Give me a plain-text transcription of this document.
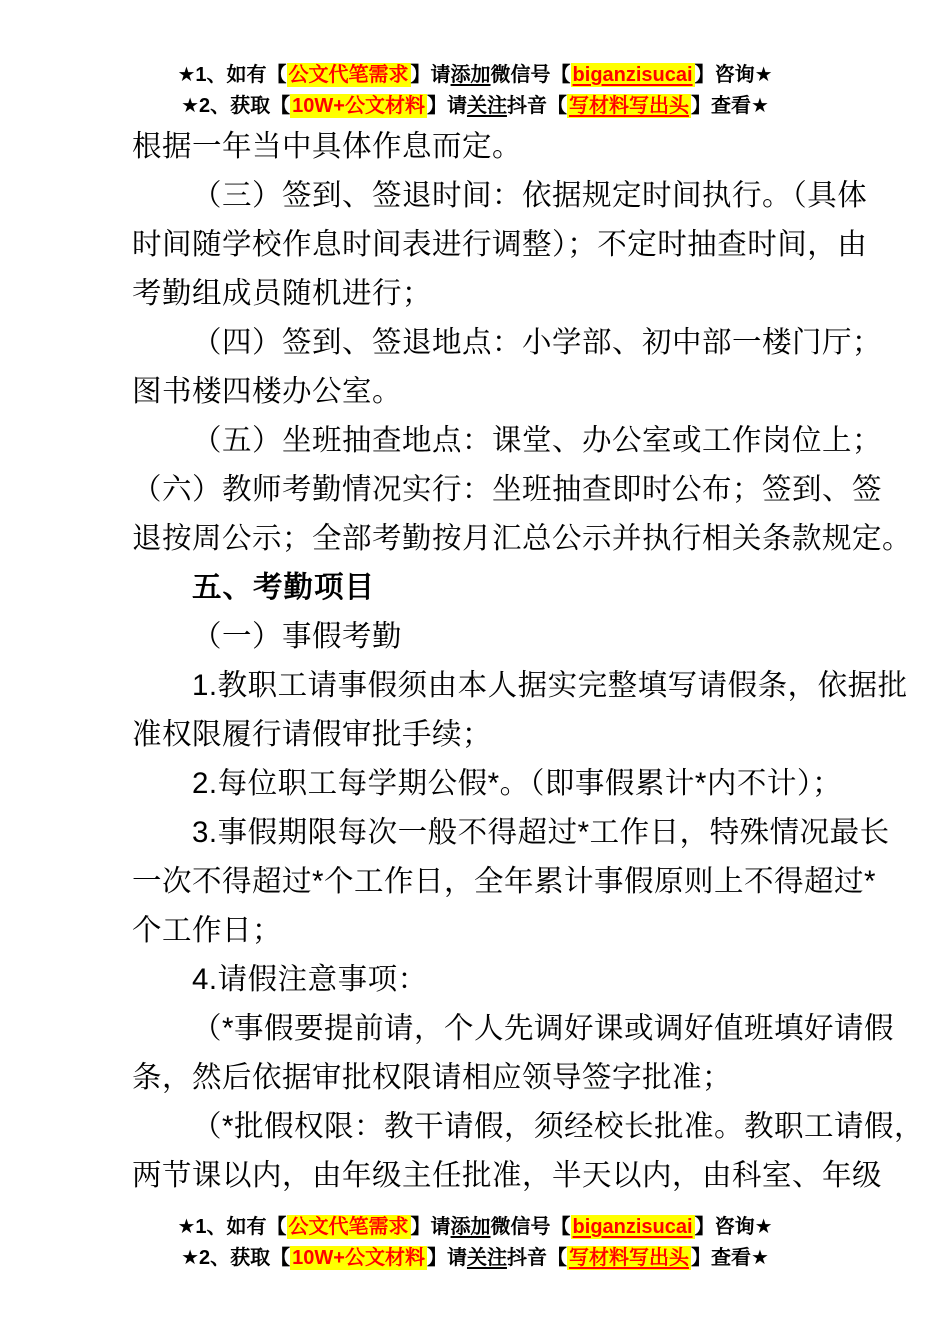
★1、如有【 公文代笔需求 】请添加微信号【 biganzisucai 】咨询★
★2、获取【 10W+公文材料 】请关注抖音【 写材料写出头 】查看★
根据一年当中具体作息而定。
（三）签到、签退时间：依据规定时间执行。（具体
时间随学校作息时间表进行调整）；不定时抽查时间，由
考勤组成员随机进行；
（四）签到、签退地点：小学部、初中部一楼门厅；
图书楼四楼办公室。
（五）坐班抽查地点：课堂、办公室或工作岗位上；
（六）教师考勤情况实行：坐班抽查即时公布；签到、签
退按周公示；全部考勤按月汇总公示并执行相关条款规定。
五、考勤项目
（一）事假考勤
1.教职工请事假须由本人据实完整填写请假条，依据批
准权限履行请假审批手续；
2.每位职工每学期公假*。（即事假累计*内不计）；
3.事假期限每次一般不得超过*工作日，特殊情况最长
一次不得超过*个工作日，全年累计事假原则上不得超过*
个工作日；
4.请假注意事项：
（*事假要提前请，个人先调好课或调好值班填好请假
条，然后依据审批权限请相应领导签字批准；
（*批假权限：教干请假，须经校长批准。教职工请假，
两节课以内，由年级主任批准，半天以内，由科室、年级
★1、如有【 公文代笔需求 】请添加微信号【 biganzisucai 】咨询★
★2、获取【 10W+公文材料 】请关注抖音【 写材料写出头 】查看★
